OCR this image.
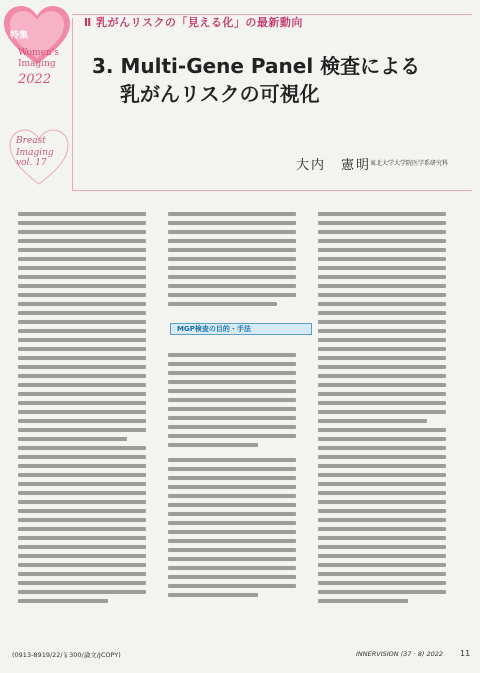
特集
Women's
Imaging
2022
Breast
Imaging vol. 17
Ⅱ 乳がんリスクの「見える化」の最新動向
3. Multi-Gene Panel 検査による
乳がんリスクの可視化
大内　憲明
東北大学大学院医学系研究科
MGP検査の目的・手法
(0913-8919/22/￥300/論文/JCOPY)	INNERVISION (37 · 8) 2022 11
